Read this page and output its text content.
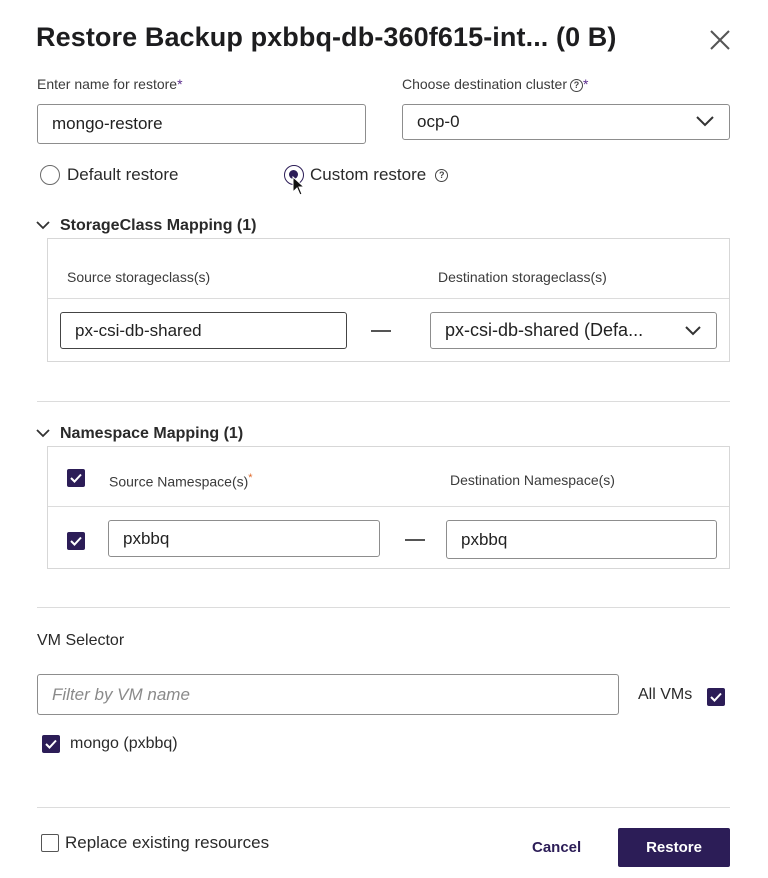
Restore Backup pxbbq-db-360f615-int... (0 B)
Enter name for restore*
mongo-restore
Choose destination cluster ? *
ocp-0
Default restore	Custom restore	?
StorageClass Mapping (1)
Source storageclass(s)	Destination storageclass(s)
px-csi-db-shared	px-csi-db-shared (Defa...
Namespace Mapping (1)
Source Namespace(s)*	Destination Namespace(s)
pxbbq	pxbbq
VM Selector
Filter by VM name	All VMs
mongo (pxbbq)
Replace existing resources	Cancel	Restore
